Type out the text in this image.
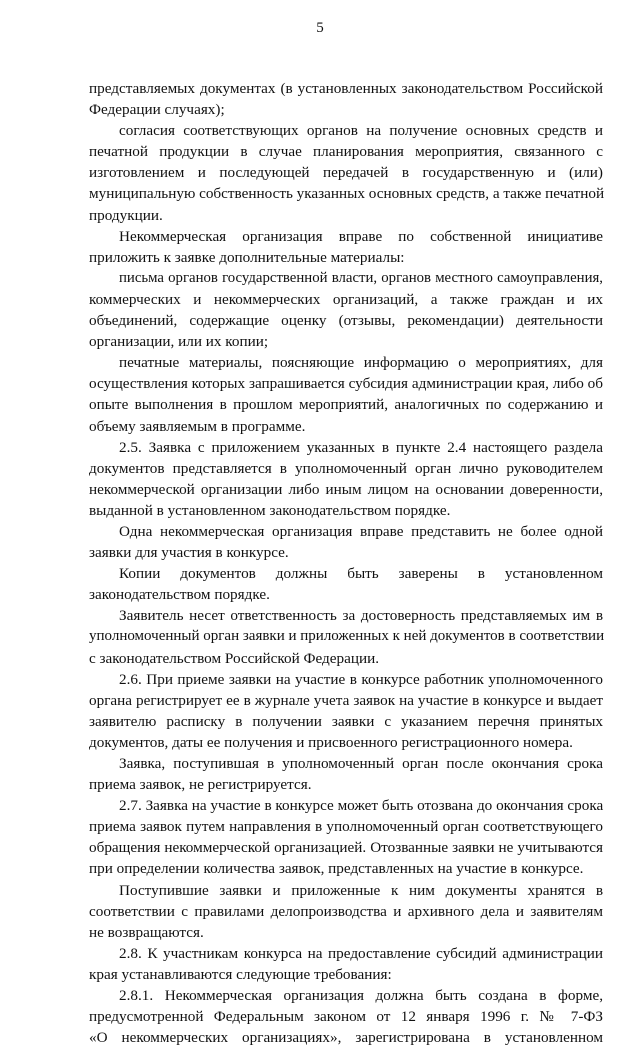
5
представляемых документах (в установленных законодательством Российской
Федерации случаях);
согласия соответствующих органов на получение основных средств и
печатной продукции в случае планирования мероприятия, связанного с
изготовлением и последующей передачей в государственную и (или)
муниципальную собственность указанных основных средств, а также печатной
продукции.
Некоммерческая организация вправе по собственной инициативе
приложить к заявке дополнительные материалы:
письма органов государственной власти, органов местного самоуправления,
коммерческих и некоммерческих организаций, а также граждан и их
объединений, содержащие оценку (отзывы, рекомендации) деятельности
организации, или их копии;
печатные материалы, поясняющие информацию о мероприятиях, для
осуществления которых запрашивается субсидия администрации края, либо об
опыте выполнения в прошлом мероприятий, аналогичных по содержанию и
объему заявляемым в программе.
2.5. Заявка с приложением указанных в пункте 2.4 настоящего раздела
документов представляется в уполномоченный орган лично руководителем
некоммерческой организации либо иным лицом на основании доверенности,
выданной в установленном законодательством порядке.
Одна некоммерческая организация вправе представить не более одной
заявки для участия в конкурсе.
Копии документов должны быть заверены в установленном
законодательством порядке.
Заявитель несет ответственность за достоверность представляемых им в
уполномоченный орган заявки и приложенных к ней документов в соответствии
с законодательством Российской Федерации.
2.6. При приеме заявки на участие в конкурсе работник уполномоченного
органа регистрирует ее в журнале учета заявок на участие в конкурсе и выдает
заявителю расписку в получении заявки с указанием перечня принятых
документов, даты ее получения и присвоенного регистрационного номера.
Заявка, поступившая в уполномоченный орган после окончания срока
приема заявок, не регистрируется.
2.7. Заявка на участие в конкурсе может быть отозвана до окончания срока
приема заявок путем направления в уполномоченный орган соответствующего
обращения некоммерческой организацией. Отозванные заявки не учитываются
при определении количества заявок, представленных на участие в конкурсе.
Поступившие заявки и приложенные к ним документы хранятся в
соответствии с правилами делопроизводства и архивного дела и заявителям
не возвращаются.
2.8. К участникам конкурса на предоставление субсидий администрации
края устанавливаются следующие требования:
2.8.1. Некоммерческая организация должна быть создана в форме,
предусмотренной Федеральным законом от 12 января 1996 г. № 7-ФЗ
«О некоммерческих организациях», зарегистрирована в установленном
